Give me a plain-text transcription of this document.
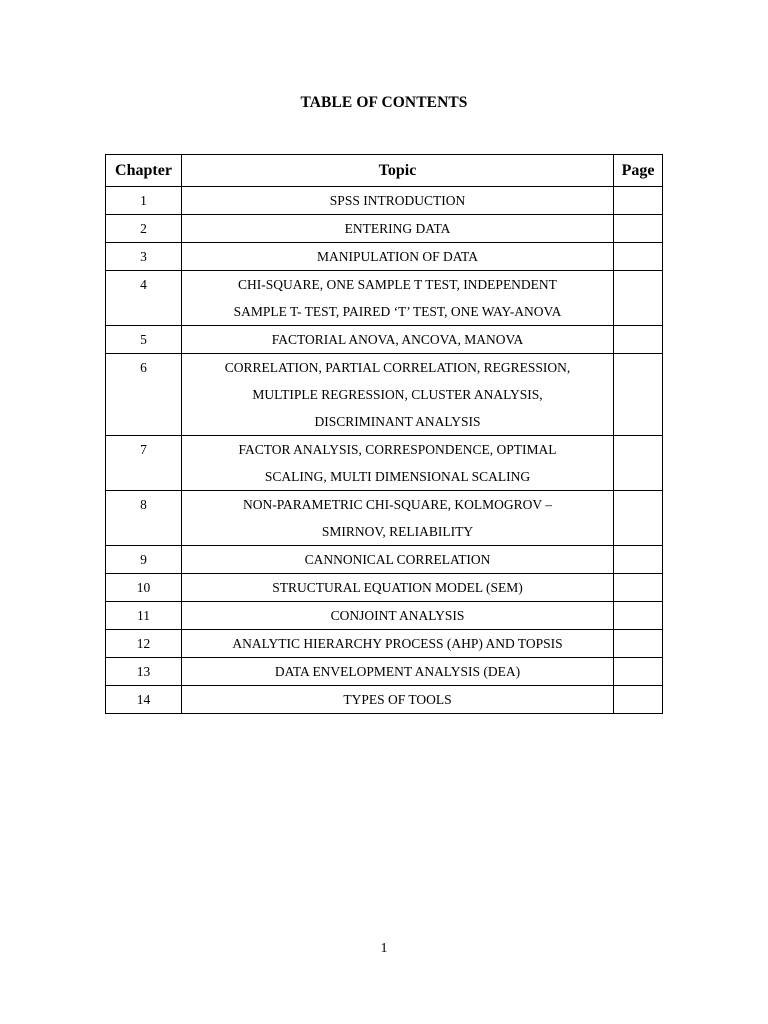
TABLE OF CONTENTS
Chapter	Topic	Page
1	SPSS INTRODUCTION	

2	ENTERING DATA	

3	MANIPULATION OF DATA	

4	CHI-SQUARE, ONE SAMPLE T TEST, INDEPENDENT
SAMPLE T- TEST, PAIRED ‘T’ TEST, ONE WAY-ANOVA	

5	FACTORIAL ANOVA, ANCOVA, MANOVA	

6	CORRELATION, PARTIAL CORRELATION, REGRESSION,
MULTIPLE REGRESSION, CLUSTER ANALYSIS,
DISCRIMINANT ANALYSIS	

7	FACTOR ANALYSIS, CORRESPONDENCE, OPTIMAL
SCALING, MULTI DIMENSIONAL SCALING	

8	NON-PARAMETRIC CHI-SQUARE, KOLMOGROV –
SMIRNOV, RELIABILITY	

9	CANNONICAL CORRELATION	

10	STRUCTURAL EQUATION MODEL (SEM)	

11	CONJOINT ANALYSIS	

12	ANALYTIC HIERARCHY PROCESS (AHP) AND TOPSIS	

13	DATA ENVELOPMENT ANALYSIS (DEA)	

14	TYPES OF TOOLS	

1
